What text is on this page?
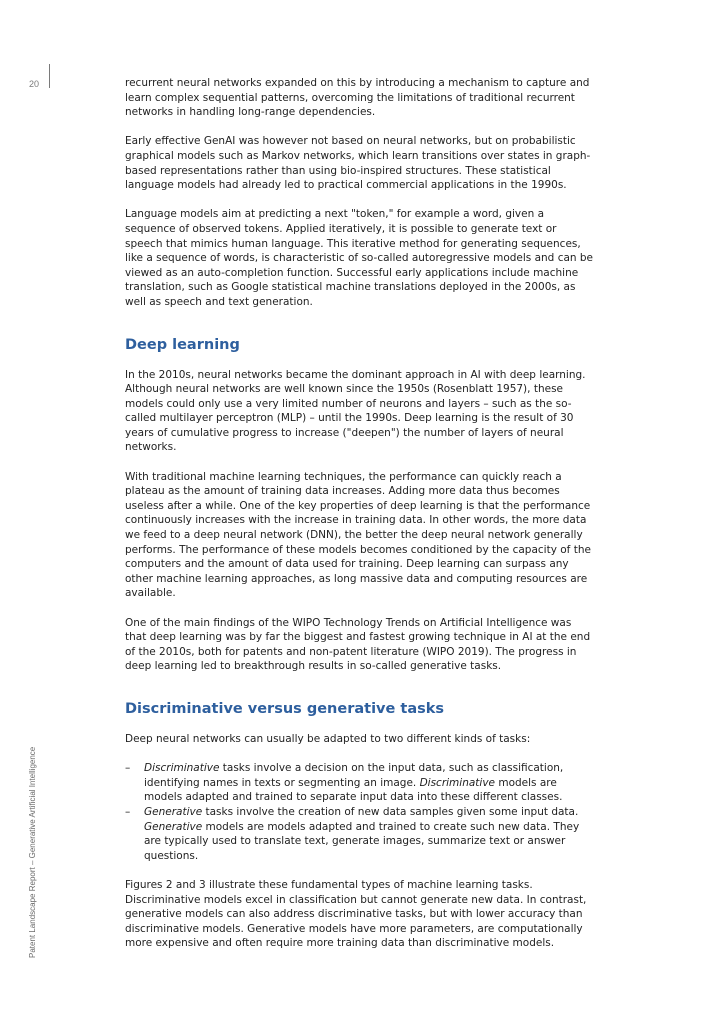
20
Patent Landscape Report – Generative Artificial Intelligence

recurrent neural networks expanded on this by introducing a mechanism to capture and learn complex sequential patterns, overcoming the limitations of traditional recurrent networks in handling long-range dependencies.

Early effective GenAI was however not based on neural networks, but on probabilistic graphical models such as Markov networks, which learn transitions over states in graph-based representations rather than using bio-inspired structures. These statistical language models had already led to practical commercial applications in the 1990s.

Language models aim at predicting a next "token," for example a word, given a sequence of observed tokens. Applied iteratively, it is possible to generate text or speech that mimics human language. This iterative method for generating sequences, like a sequence of words, is characteristic of so-called autoregressive models and can be viewed as an auto-completion function. Successful early applications include machine translation, such as Google statistical machine translations deployed in the 2000s, as well as speech and text generation.

Deep learning

In the 2010s, neural networks became the dominant approach in AI with deep learning. Although neural networks are well known since the 1950s (Rosenblatt 1957), these models could only use a very limited number of neurons and layers – such as the so-called multilayer perceptron (MLP) – until the 1990s. Deep learning is the result of 30 years of cumulative progress to increase ("deepen") the number of layers of neural networks.

With traditional machine learning techniques, the performance can quickly reach a plateau as the amount of training data increases. Adding more data thus becomes useless after a while. One of the key properties of deep learning is that the performance continuously increases with the increase in training data. In other words, the more data we feed to a deep neural network (DNN), the better the deep neural network generally performs. The performance of these models becomes conditioned by the capacity of the computers and the amount of data used for training. Deep learning can surpass any other machine learning approaches, as long massive data and computing resources are available.

One of the main findings of the WIPO Technology Trends on Artificial Intelligence was that deep learning was by far the biggest and fastest growing technique in AI at the end of the 2010s, both for patents and non-patent literature (WIPO 2019). The progress in deep learning led to breakthrough results in so-called generative tasks.

Discriminative versus generative tasks

Deep neural networks can usually be adapted to two different kinds of tasks:

– Discriminative tasks involve a decision on the input data, such as classification, identifying names in texts or segmenting an image. Discriminative models are models adapted and trained to separate input data into these different classes.
– Generative tasks involve the creation of new data samples given some input data. Generative models are models adapted and trained to create such new data. They are typically used to translate text, generate images, summarize text or answer questions.

Figures 2 and 3 illustrate these fundamental types of machine learning tasks. Discriminative models excel in classification but cannot generate new data. In contrast, generative models can also address discriminative tasks, but with lower accuracy than discriminative models. Generative models have more parameters, are computationally more expensive and often require more training data than discriminative models.
